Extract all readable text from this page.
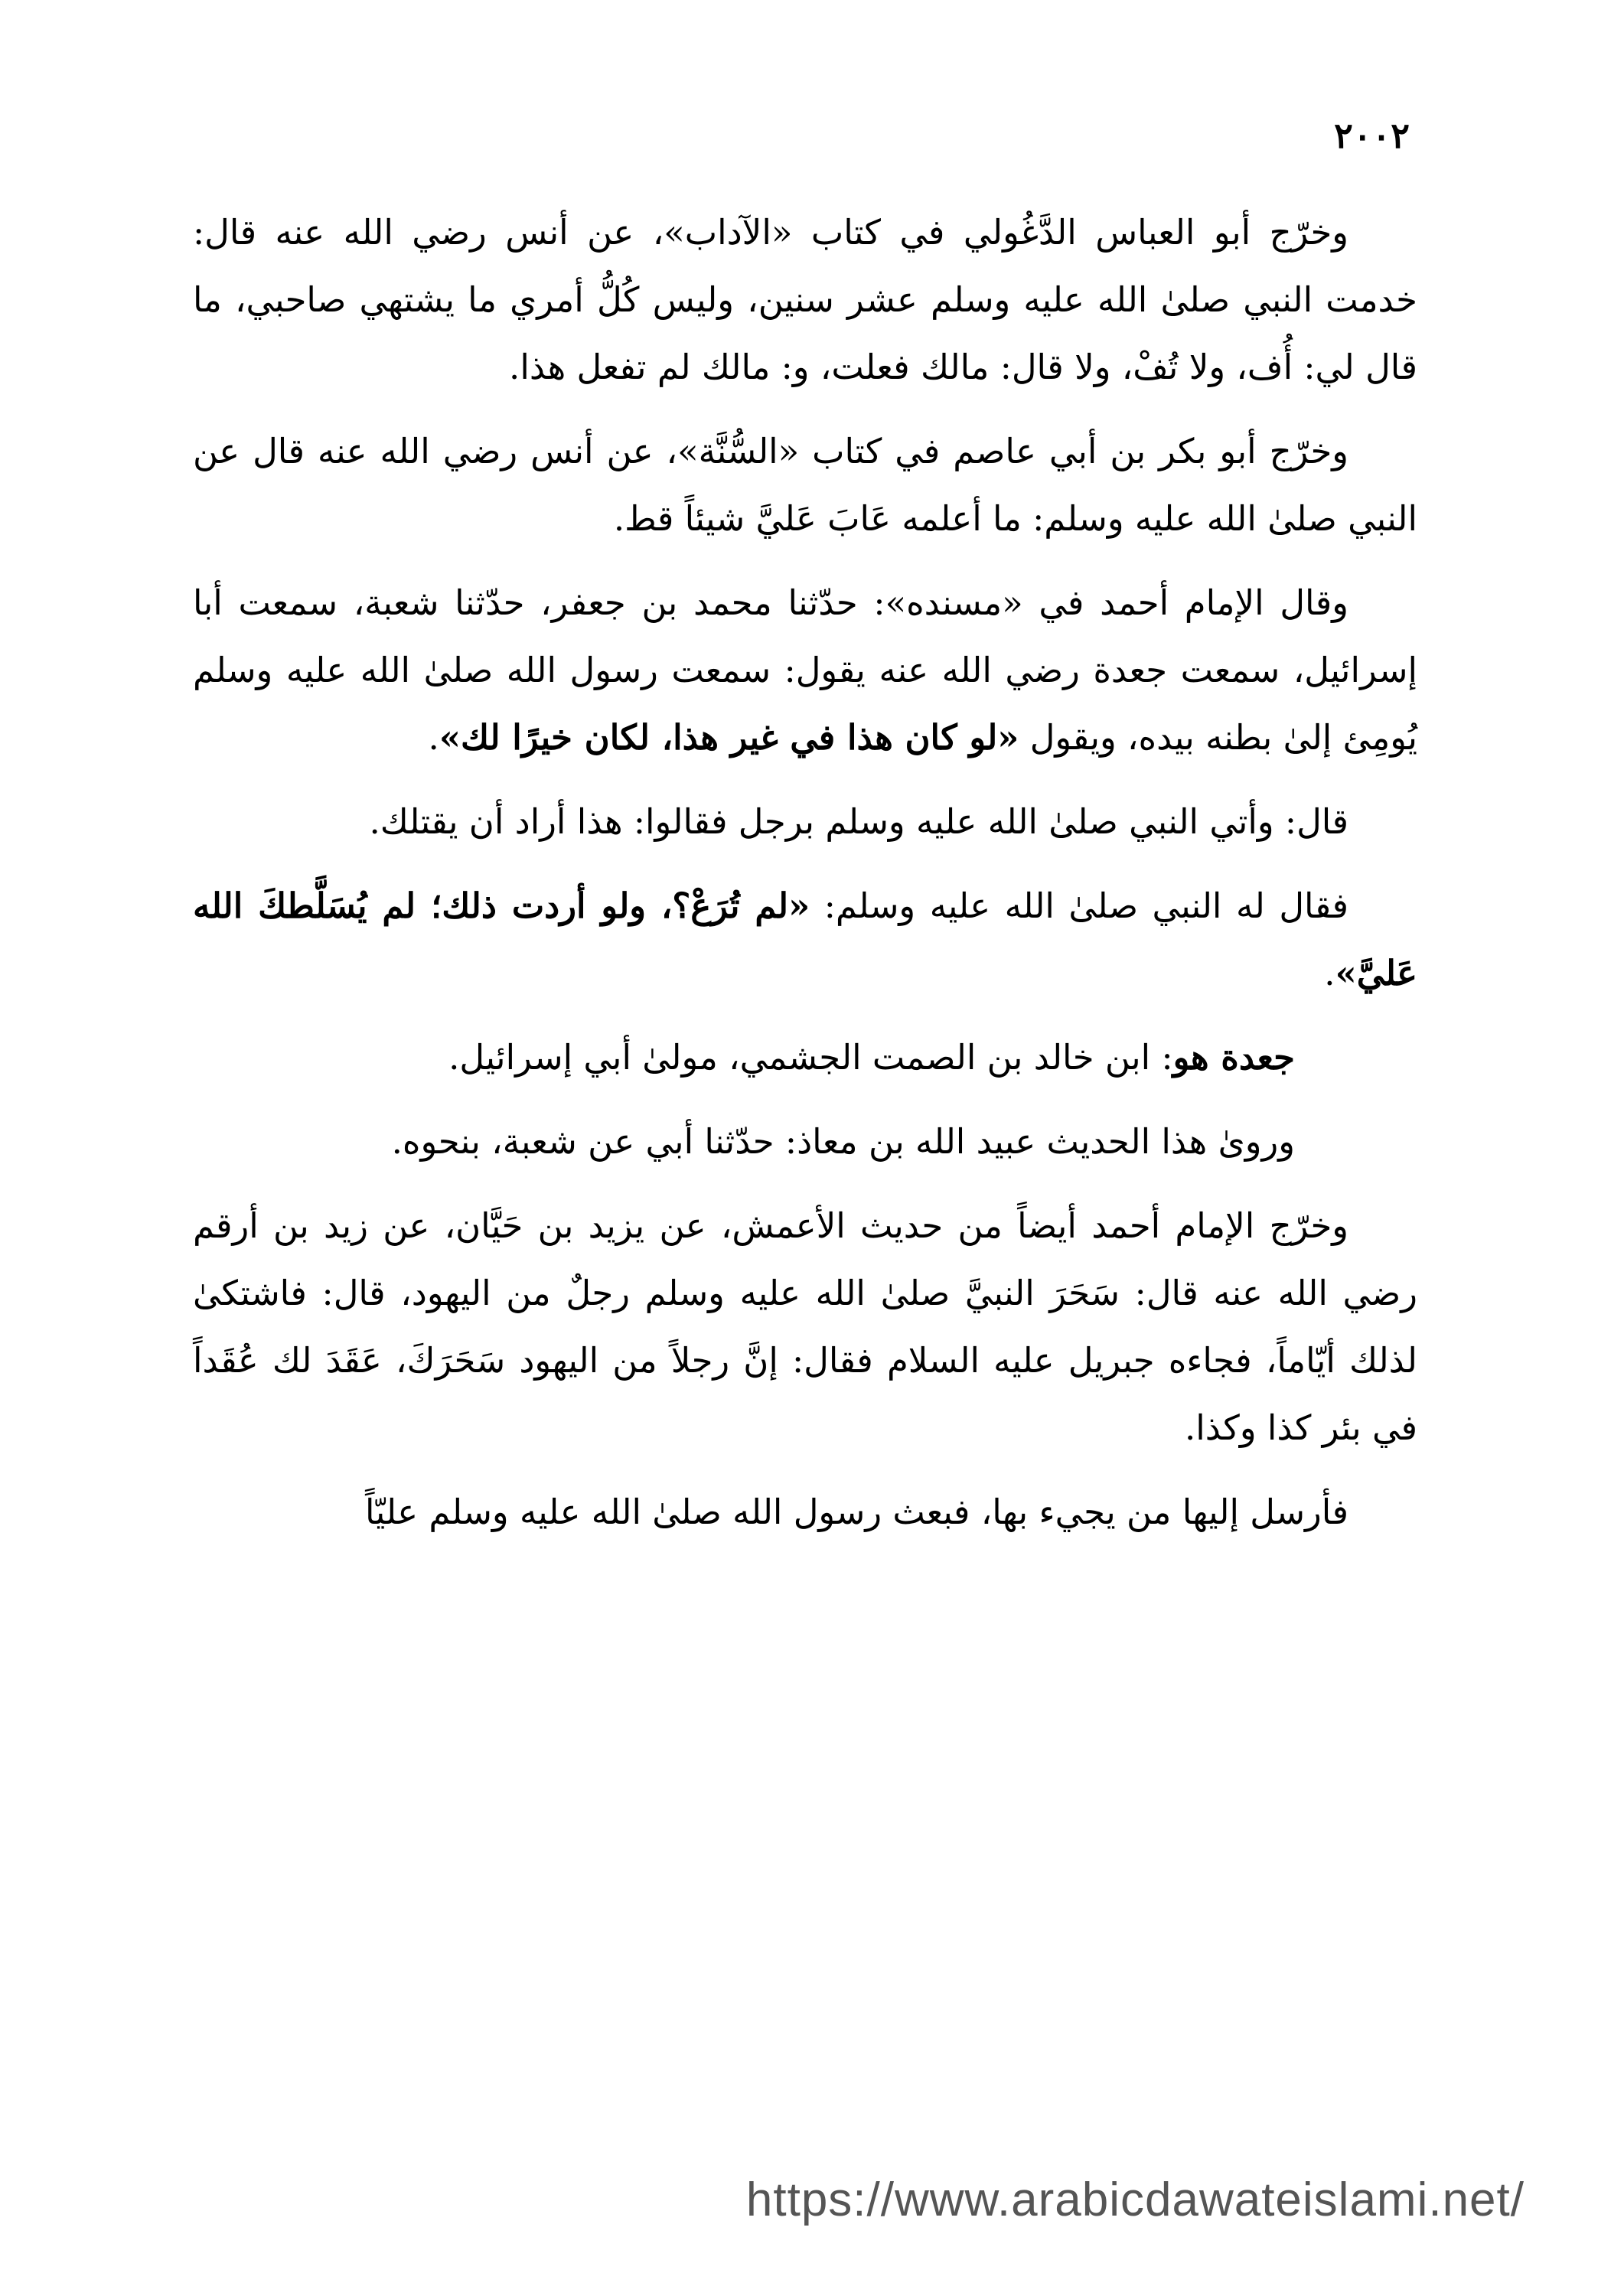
٢٠٠٢

وخرّج أبو العباس الدَّغُولي في كتاب «الآداب»، عن أنس رضي الله عنه قال: خدمت النبي صلىٰ الله عليه وسلم عشر سنين، وليس كُلُّ أمري ما يشتهي صاحبي، ما قال لي: أُف، ولا تُفْ، ولا قال: مالك فعلت، و: مالك لم تفعل هذا.

وخرّج أبو بكر بن أبي عاصم في كتاب «السُّنَّة»، عن أنس رضي الله عنه قال عن النبي صلىٰ الله عليه وسلم: ما أعلمه عَابَ عَليَّ شيئاً قط.

وقال الإمام أحمد في «مسنده»: حدّثنا محمد بن جعفر، حدّثنا شعبة، سمعت أبا إسرائيل، سمعت جعدة رضي الله عنه يقول: سمعت رسول الله صلىٰ الله عليه وسلم يُومِئ إلىٰ بطنه بيده، ويقول «لو كان هذا في غير هذا، لكان خيرًا لك».

قال: وأتي النبي صلىٰ الله عليه وسلم برجل فقالوا: هذا أراد أن يقتلك.

فقال له النبي صلىٰ الله عليه وسلم: «لم تُرَعْ؟، ولو أردت ذلك؛ لم يُسَلَّطكَ الله عَليَّ».

جعدة هو: ابن خالد بن الصمت الجشمي، مولىٰ أبي إسرائيل.

ورویٰ هذا الحديث عبيد الله بن معاذ: حدّثنا أبي عن شعبة، بنحوه.

وخرّج الإمام أحمد أيضاً من حديث الأعمش، عن يزيد بن حَيَّان، عن زيد بن أرقم رضي الله عنه قال: سَحَرَ النبيَّ صلىٰ الله عليه وسلم رجلٌ من اليهود، قال: فاشتكىٰ لذلك أيّاماً، فجاءه جبريل عليه السلام فقال: إنَّ رجلاً من اليهود سَحَرَكَ، عَقَدَ لك عُقَداً في بئر كذا وكذا.

فأرسل إليها من يجيء بها، فبعث رسول الله صلىٰ الله عليه وسلم عليّاً

https://www.arabicdawateislami.net/
